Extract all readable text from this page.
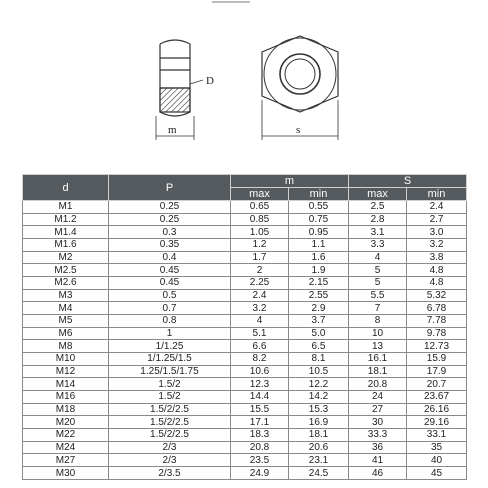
D
m	s
d	P	m		S	
		max	min	max	min
M1	0.25	0.65	0.55	2.5	2.4
M1.2	0.25	0.85	0.75	2.8	2.7
M1.4	0.3	1.05	0.95	3.1	3.0
M1.6	0.35	1.2	1.1	3.3	3.2
M2	0.4	1.7	1.6	4	3.8
M2.5	0.45	2	1.9	5	4.8
M2.6	0.45	2.25	2.15	5	4.8
M3	0.5	2.4	2.55	5.5	5.32
M4	0.7	3.2	2.9	7	6.78
M5	0.8	4	3.7	8	7.78
M6	1	5.1	5.0	10	9.78
M8	1/1.25	6.6	6.5	13	12.73
M10	1/1.25/1.5	8.2	8.1	16.1	15.9
M12	1.25/1.5/1.75	10.6	10.5	18.1	17.9
M14	1.5/2	12.3	12.2	20.8	20.7
M16	1.5/2	14.4	14.2	24	23.67
M18	1.5/2/2.5	15.5	15.3	27	26.16
M20	1.5/2/2.5	17.1	16.9	30	29.16
M22	1.5/2/2.5	18.3	18.1	33.3	33.1
M24	2/3	20.8	20.6	36	35
M27	2/3	23.5	23.1	41	40
M30	2/3.5	24.9	24.5	46	45
